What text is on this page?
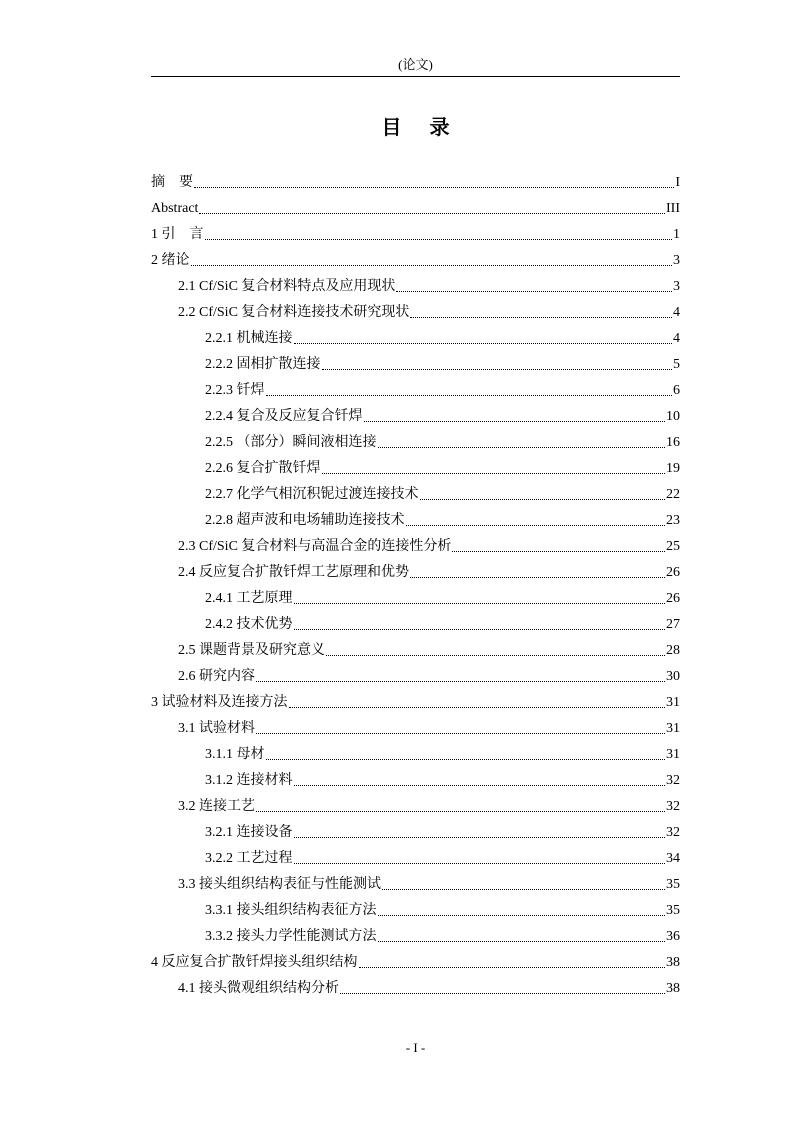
(论文)
目录
摘　要	I
Abstract	III
1 引　言	1
2 绪论	3
2.1 Cf/SiC 复合材料特点及应用现状	3
2.2 Cf/SiC 复合材料连接技术研究现状	4
2.2.1 机械连接	4
2.2.2 固相扩散连接	5
2.2.3 钎焊	6
2.2.4 复合及反应复合钎焊	10
2.2.5 （部分）瞬间液相连接	16
2.2.6 复合扩散钎焊	19
2.2.7 化学气相沉积铌过渡连接技术	22
2.2.8 超声波和电场辅助连接技术	23
2.3 Cf/SiC 复合材料与高温合金的连接性分析	25
2.4 反应复合扩散钎焊工艺原理和优势	26
2.4.1 工艺原理	26
2.4.2 技术优势	27
2.5 课题背景及研究意义	28
2.6 研究内容	30
3 试验材料及连接方法	31
3.1 试验材料	31
3.1.1 母材	31
3.1.2 连接材料	32
3.2 连接工艺	32
3.2.1 连接设备	32
3.2.2 工艺过程	34
3.3 接头组织结构表征与性能测试	35
3.3.1 接头组织结构表征方法	35
3.3.2 接头力学性能测试方法	36
4 反应复合扩散钎焊接头组织结构	38
4.1 接头微观组织结构分析	38
- I -
